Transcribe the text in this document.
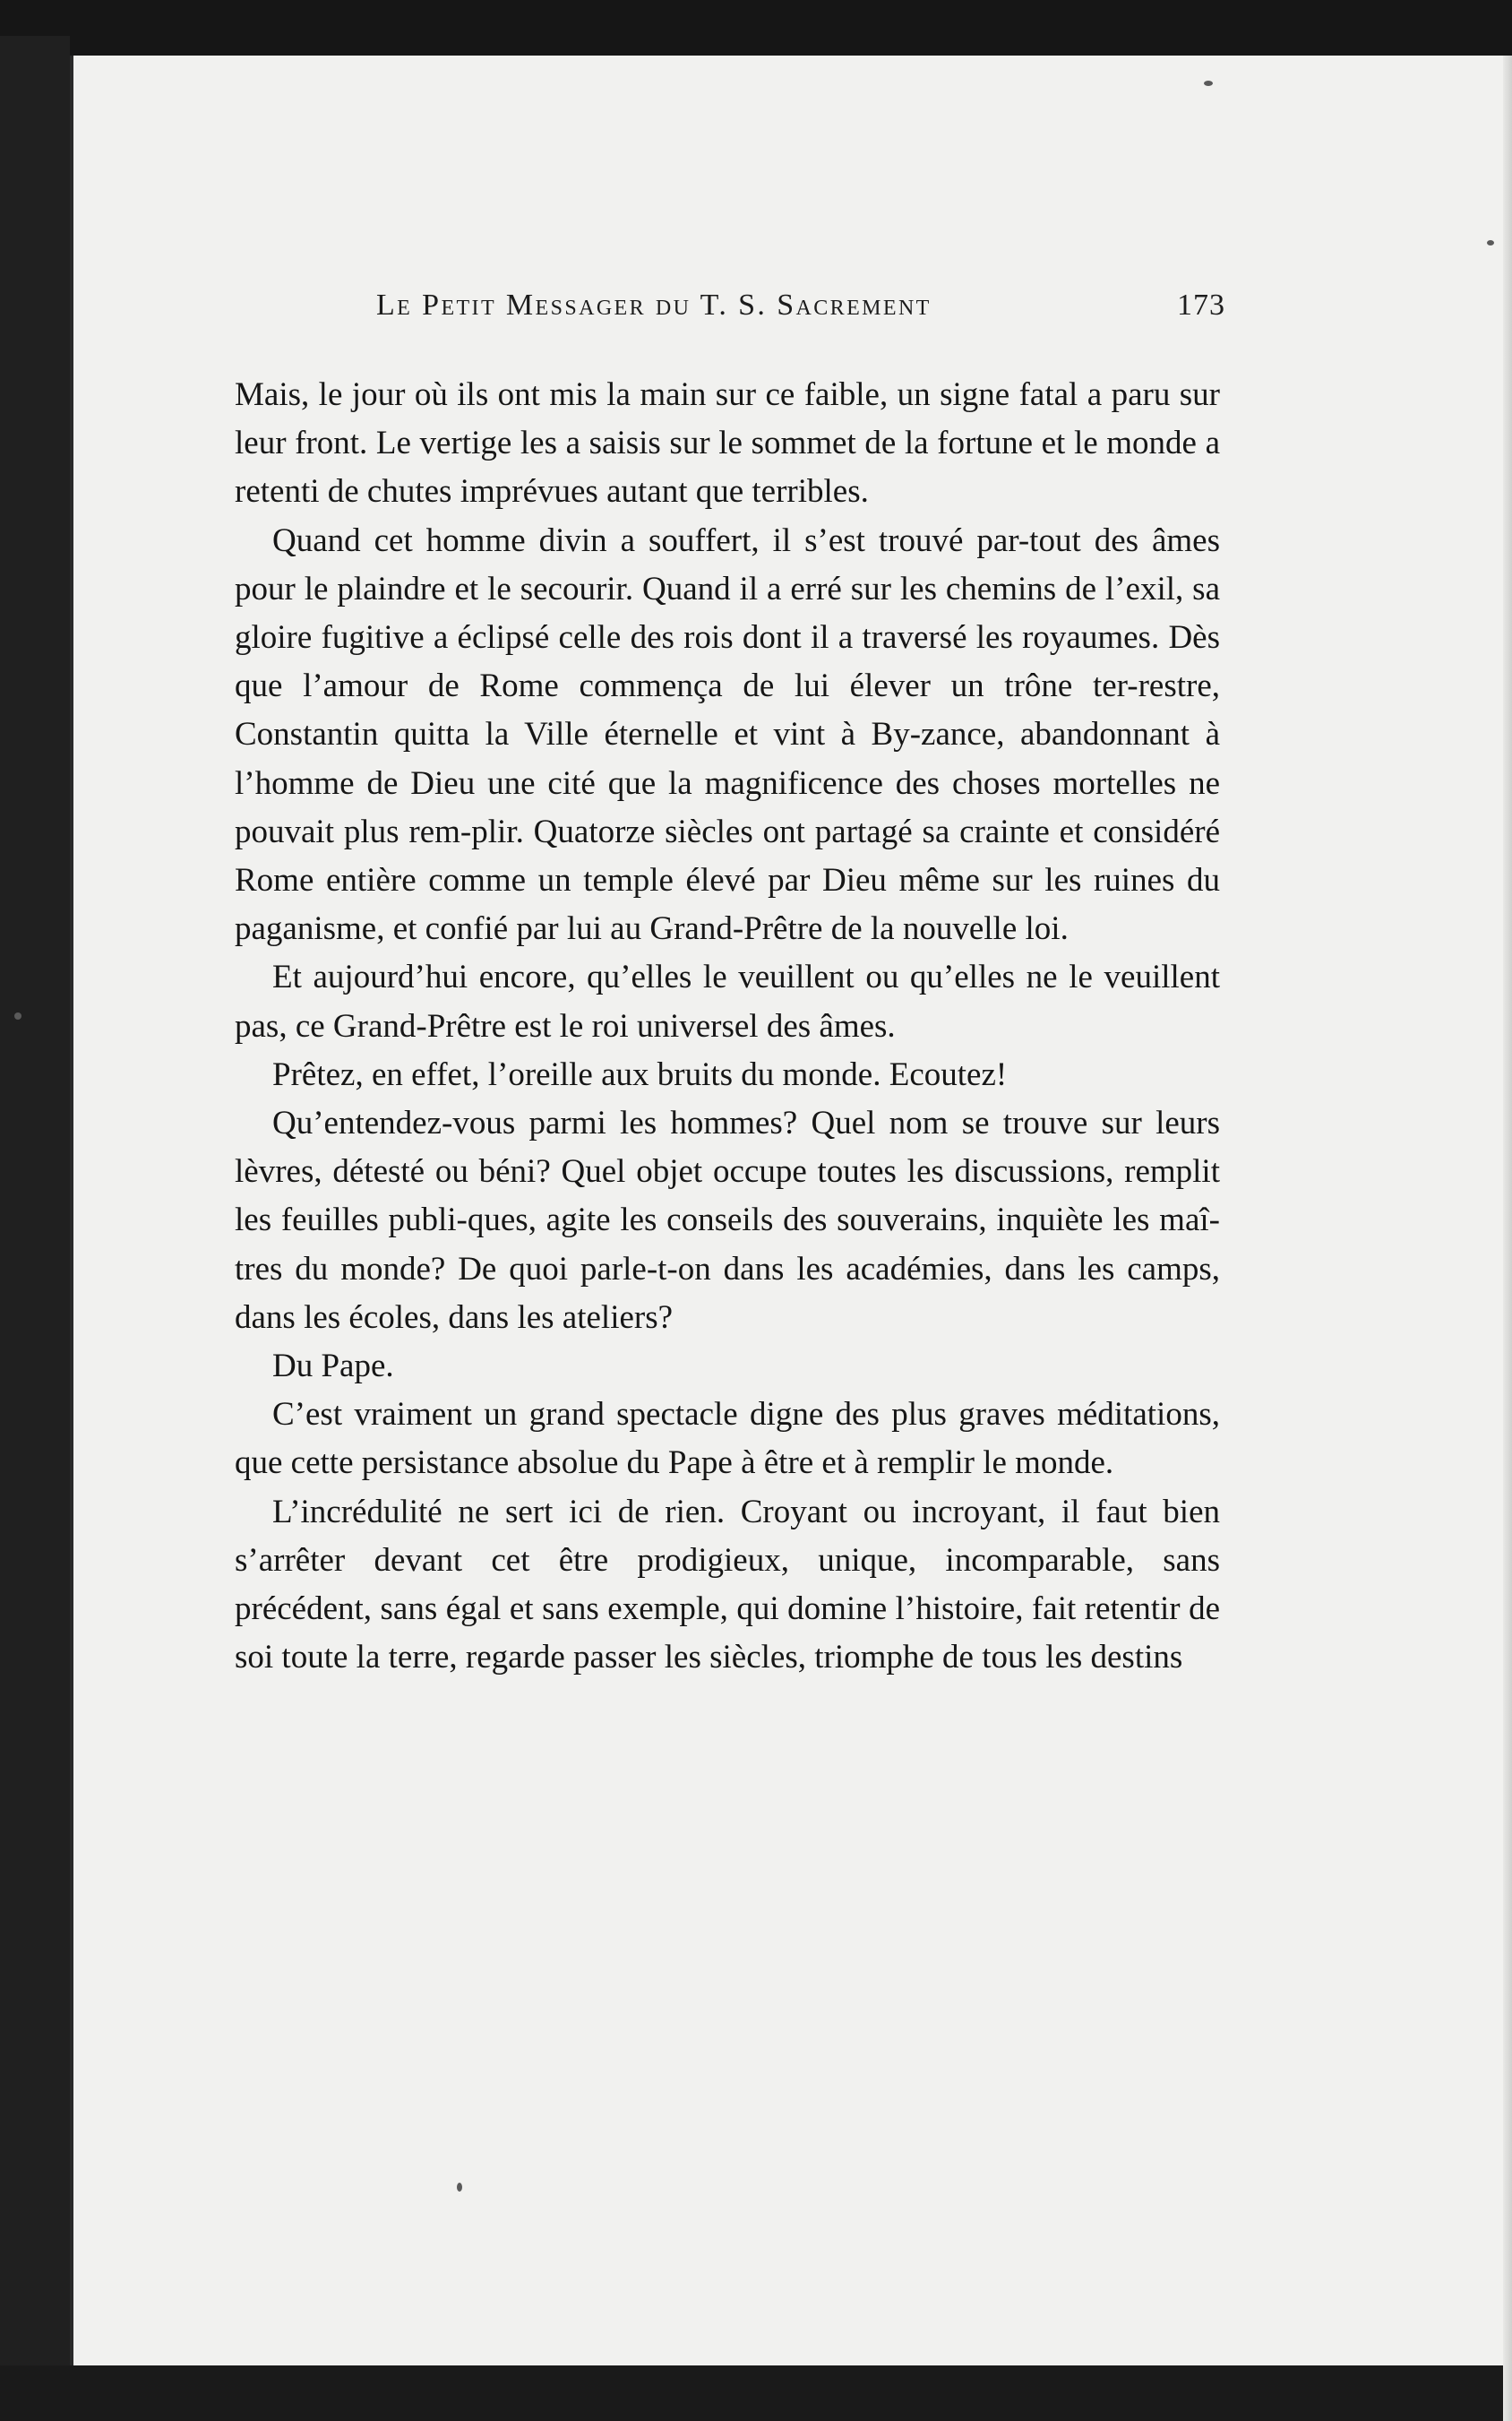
Le Petit Messager du T. S. Sacrement	173

Mais, le jour où ils ont mis la main sur ce faible, un signe fatal a paru sur leur front. Le vertige les a saisis sur le sommet de la fortune et le monde a retenti de chutes imprévues autant que terribles.

Quand cet homme divin a souffert, il s’est trouvé par-tout des âmes pour le plaindre et le secourir. Quand il a erré sur les chemins de l’exil, sa gloire fugitive a éclipsé celle des rois dont il a traversé les royaumes. Dès que l’amour de Rome commença de lui élever un trône ter-restre, Constantin quitta la Ville éternelle et vint à By-zance, abandonnant à l’homme de Dieu une cité que la magnificence des choses mortelles ne pouvait plus rem-plir. Quatorze siècles ont partagé sa crainte et considéré Rome entière comme un temple élevé par Dieu même sur les ruines du paganisme, et confié par lui au Grand-Prêtre de la nouvelle loi.

Et aujourd’hui encore, qu’elles le veuillent ou qu’elles ne le veuillent pas, ce Grand-Prêtre est le roi universel des âmes.

Prêtez, en effet, l’oreille aux bruits du monde. Ecoutez!

Qu’entendez-vous parmi les hommes? Quel nom se trouve sur leurs lèvres, détesté ou béni? Quel objet occupe toutes les discussions, remplit les feuilles publi-ques, agite les conseils des souverains, inquiète les maî-tres du monde? De quoi parle-t-on dans les académies, dans les camps, dans les écoles, dans les ateliers?

Du Pape.

C’est vraiment un grand spectacle digne des plus graves méditations, que cette persistance absolue du Pape à être et à remplir le monde.

L’incrédulité ne sert ici de rien. Croyant ou incroyant, il faut bien s’arrêter devant cet être prodigieux, unique, incomparable, sans précédent, sans égal et sans exemple, qui domine l’histoire, fait retentir de soi toute la terre, regarde passer les siècles, triomphe de tous les destins
